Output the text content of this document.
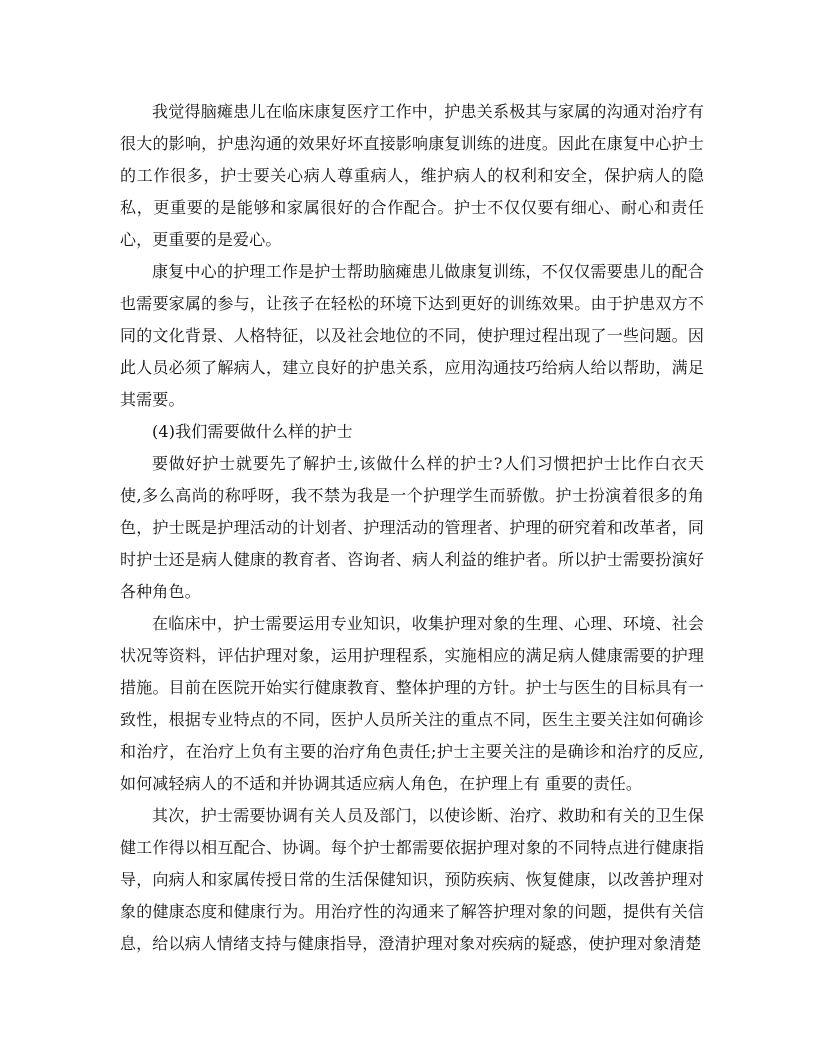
我觉得脑瘫患儿在临床康复医疗工作中，护患关系极其与家属的沟通对治疗有很大的影响，护患沟通的效果好坏直接影响康复训练的进度。因此在康复中心护士的工作很多，护士要关心病人尊重病人，维护病人的权利和安全，保护病人的隐私，更重要的是能够和家属很好的合作配合。护士不仅仅要有细心、耐心和责任心，更重要的是爱心。

康复中心的护理工作是护士帮助脑瘫患儿做康复训练，不仅仅需要患儿的配合也需要家属的参与，让孩子在轻松的环境下达到更好的训练效果。由于护患双方不同的文化背景、人格特征，以及社会地位的不同，使护理过程出现了一些问题。因此人员必须了解病人，建立良好的护患关系，应用沟通技巧给病人给以帮助，满足其需要。

(4)我们需要做什么样的护士

要做好护士就要先了解护士,该做什么样的护士?人们习惯把护士比作白衣天使,多么高尚的称呼呀，我不禁为我是一个护理学生而骄傲。护士扮演着很多的角色，护士既是护理活动的计划者、护理活动的管理者、护理的研究着和改革者，同时护士还是病人健康的教育者、咨询者、病人利益的维护者。所以护士需要扮演好各种角色。

在临床中，护士需要运用专业知识，收集护理对象的生理、心理、环境、社会状况等资料，评估护理对象，运用护理程系，实施相应的满足病人健康需要的护理措施。目前在医院开始实行健康教育、整体护理的方针。护士与医生的目标具有一致性，根据专业特点的不同，医护人员所关注的重点不同，医生主要关注如何确诊和治疗，在治疗上负有主要的治疗角色责任;护士主要关注的是确诊和治疗的反应,如何减轻病人的不适和并协调其适应病人角色，在护理上有 重要的责任。

其次，护士需要协调有关人员及部门，以使诊断、治疗、救助和有关的卫生保健工作得以相互配合、协调。每个护士都需要依据护理对象的不同特点进行健康指导，向病人和家属传授日常的生活保健知识，预防疾病、恢复健康，以改善护理对象的健康态度和健康行为。用治疗性的沟通来了解答护理对象的问题，提供有关信息，给以病人情绪支持与健康指导，澄清护理对象对疾病的疑惑，使护理对象清楚
